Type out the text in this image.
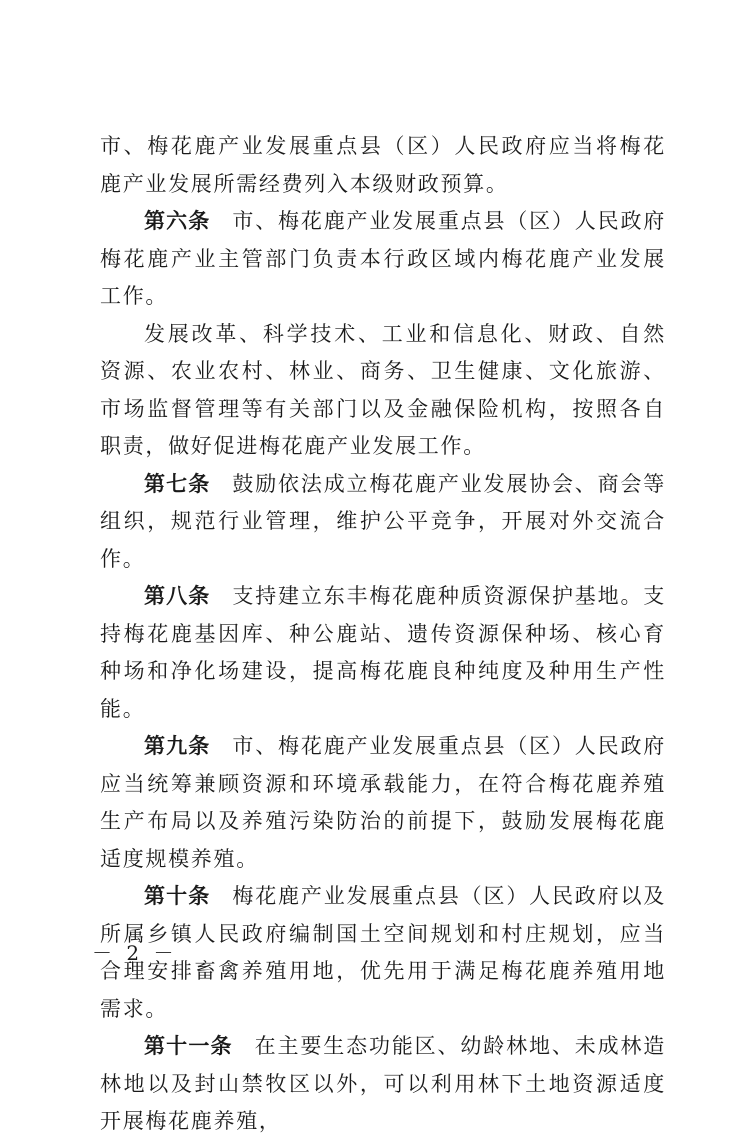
市、梅花鹿产业发展重点县（区）人民政府应当将梅花鹿产业发展所需经费列入本级财政预算。

第六条 市、梅花鹿产业发展重点县（区）人民政府梅花鹿产业主管部门负责本行政区域内梅花鹿产业发展工作。

发展改革、科学技术、工业和信息化、财政、自然资源、农业农村、林业、商务、卫生健康、文化旅游、市场监督管理等有关部门以及金融保险机构，按照各自职责，做好促进梅花鹿产业发展工作。

第七条 鼓励依法成立梅花鹿产业发展协会、商会等组织，规范行业管理，维护公平竞争，开展对外交流合作。

第八条 支持建立东丰梅花鹿种质资源保护基地。支持梅花鹿基因库、种公鹿站、遗传资源保种场、核心育种场和净化场建设，提高梅花鹿良种纯度及种用生产性能。

第九条 市、梅花鹿产业发展重点县（区）人民政府应当统筹兼顾资源和环境承载能力，在符合梅花鹿养殖生产布局以及养殖污染防治的前提下，鼓励发展梅花鹿适度规模养殖。

第十条 梅花鹿产业发展重点县（区）人民政府以及所属乡镇人民政府编制国土空间规划和村庄规划，应当合理安排畜禽养殖用地，优先用于满足梅花鹿养殖用地需求。

第十一条 在主要生态功能区、幼龄林地、未成林造林地以及封山禁牧区以外，可以利用林下土地资源适度开展梅花鹿养殖，

－ 2 －
